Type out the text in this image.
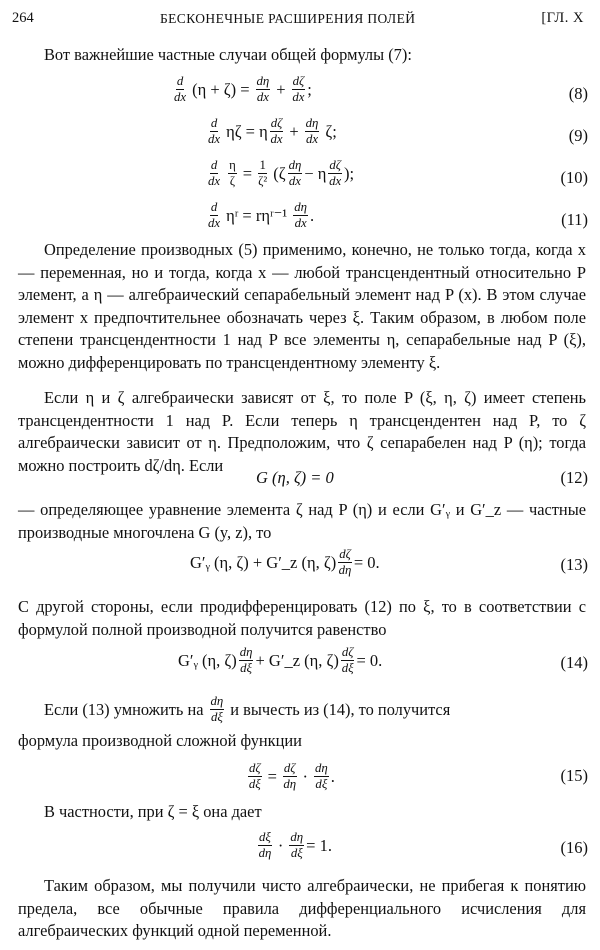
264	БЕСКОНЕЧНЫЕ РАСШИРЕНИЯ ПОЛЕЙ	[ГЛ. X

Вот важнейшие частные случаи общей формулы (7):

$\frac{d}{dx} (\eta + \zeta) = \frac{d\eta}{dx} + \frac{d\zeta}{dx}$ ;	(8)
$\frac{d}{dx}$ ηζ = η $\frac{d\zeta}{dx} + \frac{d\eta}{dx} \zeta$;	(9)
$\frac{d}{dx} \frac{\eta}{\zeta} = \frac{1}{\text{ζ²}} (\zeta \frac{d\eta}{dx} - \eta \frac{d\zeta}{dx}$ );	(10)
$\frac{d}{dx}$ ηʳ = rηʳ⁻¹ $\frac{d\eta}{dx}$ .	(11)

Определение производных (5) применимо, конечно, не только тогда, когда x — переменная, но и тогда, когда x — любой трансцендентный относительно P элемент, а η — алгебраический сепарабельный элемент над P (x). В этом случае элемент x предпочтительнее обозначать через ξ. Таким образом, в любом поле степени трансцендентности 1 над P все элементы η, сепарабельные над P (ξ), можно дифференцировать по трансцендентному элементу ξ.

Если η и ζ алгебраически зависят от ξ, то поле P (ξ, η, ζ) имеет степень трансцендентности 1 над P. Если теперь η трансцендентен над P, то ζ алгебраически зависит от η. Предположим, что ζ сепарабелен над P (η); тогда можно построить dζ/dη. Если

G (η, ζ) = 0	(12)

— определяющее уравнение элемента ζ над P (η) и если G′ᵧ и G′_z — частные производные многочлена G (y, z), то

G′ᵧ (η, ζ) + G′_z (η, $\zeta) \frac{d\zeta}{d\eta} = 0$.	(13)

С другой стороны, если продифференцировать (12) по ξ, то в соответствии с формулой полной производной получится равенство

G′ᵧ (η, $\zeta) \frac{d\eta}{d\xi}$ + G′_z (η, $\zeta) \frac{d\zeta}{d\xi} = 0$.	(14)
Если (13) умножить на $\frac{d\eta}{d\xi}$ и вычесть из (14), то получится

формула производной сложной функции

$\frac{d\zeta}{d\xi} = \frac{d\zeta}{d\eta} \cdot \frac{d\eta}{d\xi}$ .	(15)

В частности, при ζ = ξ она дает

$\frac{d\xi}{d\eta} \cdot \frac{d\eta}{d\xi} = 1$.	(16)

Таким образом, мы получили чисто алгебраически, не прибегая к понятию предела, все обычные правила дифференциального исчисления для алгебраических функций одной переменной.
